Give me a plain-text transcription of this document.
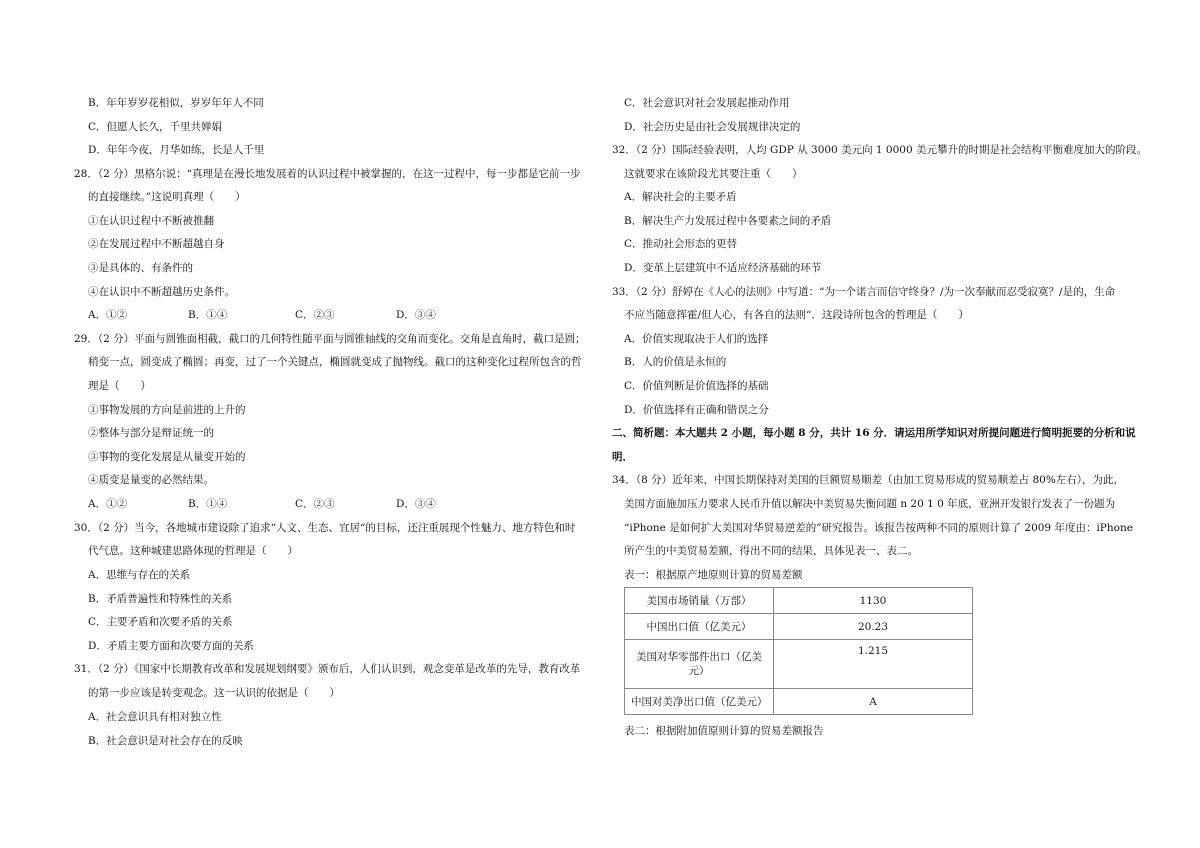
B．年年岁岁花相似，岁岁年年人不同
C．但愿人长久，千里共婵娟
D．年年今夜，月华如练，长是人千里
28．（2 分）黑格尔说：“真理是在漫长地发展着的认识过程中被掌握的，在这一过程中，每一步都是它前一步
的直接继续。”这说明真理（　　）
①在认识过程中不断被推翻
②在发展过程中不断超越自身
③是具体的、有条件的
④在认识中不断超越历史条件。
A．①②	B．①④	C．②③	D．③④
29．（2 分）平面与圆锥面相截，截口的几何特性随平面与圆锥轴线的交角而变化。交角是直角时，截口是圆；
稍变一点，圆变成了椭圆；再变，过了一个关键点，椭圆就变成了抛物线。截口的这种变化过程所包含的哲
理是（　　）
①事物发展的方向是前进的上升的
②整体与部分是辩证统一的
③事物的变化发展是从量变开始的
④质变是量变的必然结果。
A．①②	B．①④	C．②③	D．③④
30．（2 分）当今，各地城市建设除了追求“人文、生态、宜居“的目标，还注重展现个性魅力、地方特色和时
代气息。这种城建思路体现的哲理是（　　）
A．思维与存在的关系
B．矛盾普遍性和特殊性的关系
C．主要矛盾和次要矛盾的关系
D．矛盾主要方面和次要方面的关系
31．（2 分）《国家中长期教育改革和发展规划纲要》颁布后，人们认识到，观念变革是改革的先导，教育改革
的第一步应该是转变观念。这一认识的依据是（　　）
A．社会意识具有相对独立性
B．社会意识是对社会存在的反映
C．社会意识对社会发展起推动作用
D．社会历史是由社会发展规律决定的
32．（2 分）国际经验表明，人均 GDP 从 3000 美元向 1 0000 美元攀升的时期是社会结构平衡难度加大的阶段。
这就要求在该阶段尤其要注重（　　）
A．解决社会的主要矛盾
B．解决生产力发展过程中各要素之间的矛盾
C．推动社会形态的更替
D．变革上层建筑中不适应经济基础的环节
33．（2 分）舒婷在《人心的法则》中写道：“为一个诺言而信守终身？/为一次奉献而忍受寂寞？/是的，生命
不应当随意挥霍/但人心，有各自的法则“．这段诗所包含的哲理是（　　）
A．价值实现取决于人们的选择
B．人的价值是永恒的
C．价值判断是价值选择的基础
D．价值选择有正确和错误之分
二、简析题：本大题共 2 小题，每小题 8 分，共计 16 分．请运用所学知识对所提问题进行简明扼要的分析和说
明．
34．（8 分）近年来，中国长期保持对美国的巨额贸易顺差（由加工贸易形成的贸易顺差占 80%左右），为此，
美国方面施加压力要求人民币升值以解决中美贸易失衡问题 n 20 1 0 年底，亚洲开发银行发表了一份题为
“iPhone 是如何扩大美国对华贸易逆差的”研究报告。该报告按两种不同的原则计算了 2009 年度由：iPhone
所产生的中美贸易差额，得出不同的结果，具体见表一、表二。
表一：根据原产地原则计算的贸易差额
美国市场销量（万部）	1130
中国出口值（亿美元）	20.23
美国对华零部件出口（亿美元）	1.215
中国对美净出口值（亿美元）	A
表二：根据附加值原则计算的贸易差额报告
